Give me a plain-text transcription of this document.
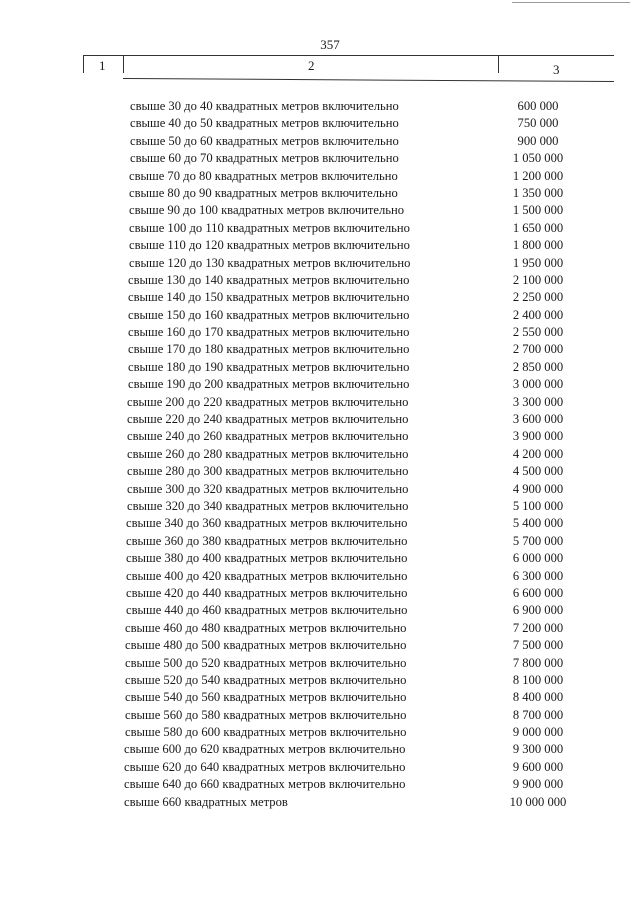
357
1	2	3
свыше 30 до 40 квадратных метров включительно	600 000
свыше 40 до 50 квадратных метров включительно	750 000
свыше 50 до 60 квадратных метров включительно	900 000
свыше 60 до 70 квадратных метров включительно	1 050 000
свыше 70 до 80 квадратных метров включительно	1 200 000
свыше 80 до 90 квадратных метров включительно	1 350 000
свыше 90 до 100 квадратных метров включительно	1 500 000
свыше 100 до 110 квадратных метров включительно	1 650 000
свыше 110 до 120 квадратных метров включительно	1 800 000
свыше 120 до 130 квадратных метров включительно	1 950 000
свыше 130 до 140 квадратных метров включительно	2 100 000
свыше 140 до 150 квадратных метров включительно	2 250 000
свыше 150 до 160 квадратных метров включительно	2 400 000
свыше 160 до 170 квадратных метров включительно	2 550 000
свыше 170 до 180 квадратных метров включительно	2 700 000
свыше 180 до 190 квадратных метров включительно	2 850 000
свыше 190 до 200 квадратных метров включительно	3 000 000
свыше 200 до 220 квадратных метров включительно	3 300 000
свыше 220 до 240 квадратных метров включительно	3 600 000
свыше 240 до 260 квадратных метров включительно	3 900 000
свыше 260 до 280 квадратных метров включительно	4 200 000
свыше 280 до 300 квадратных метров включительно	4 500 000
свыше 300 до 320 квадратных метров включительно	4 900 000
свыше 320 до 340 квадратных метров включительно	5 100 000
свыше 340 до 360 квадратных метров включительно	5 400 000
свыше 360 до 380 квадратных метров включительно	5 700 000
свыше 380 до 400 квадратных метров включительно	6 000 000
свыше 400 до 420 квадратных метров включительно	6 300 000
свыше 420 до 440 квадратных метров включительно	6 600 000
свыше 440 до 460 квадратных метров включительно	6 900 000
свыше 460 до 480 квадратных метров включительно	7 200 000
свыше 480 до 500 квадратных метров включительно	7 500 000
свыше 500 до 520 квадратных метров включительно	7 800 000
свыше 520 до 540 квадратных метров включительно	8 100 000
свыше 540 до 560 квадратных метров включительно	8 400 000
свыше 560 до 580 квадратных метров включительно	8 700 000
свыше 580 до 600 квадратных метров включительно	9 000 000
свыше 600 до 620 квадратных метров включительно	9 300 000
свыше 620 до 640 квадратных метров включительно	9 600 000
свыше 640 до 660 квадратных метров включительно	9 900 000
свыше 660 квадратных метров	10 000 000
